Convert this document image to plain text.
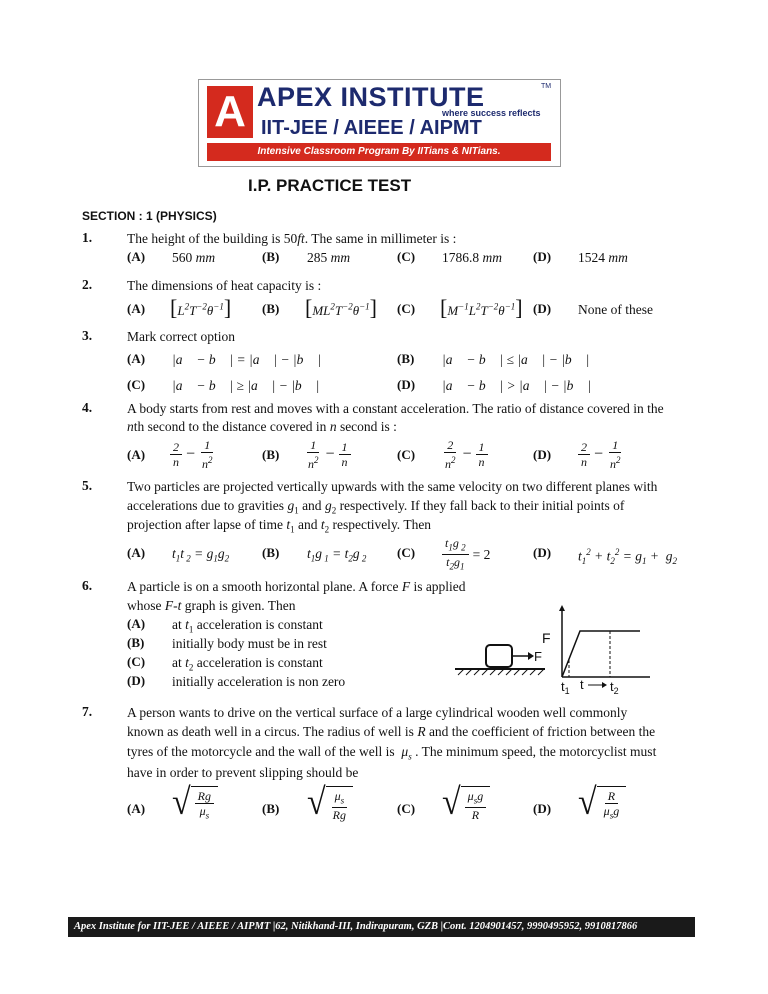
A APEX INSTITUTE	TM
where success reflects
IIT-JEE / AIEEE / AIPMT
Intensive Classroom Program By IITians & NITians.
I.P. PRACTICE TEST
SECTION : 1 (PHYSICS)
1.	The height of the building is 50ft. The same in millimeter is :
(A) 560 mm	(B) 285 mm	(C) 1786.8 mm (D) 1524 mm
2.	The dimensions of heat capacity is :
(A) $[L^2T^{-2}\theta^{-1}]$ (B) $[ML^2T^{-2}\theta^{-1}]$ (C) $[M^{-1}L^2T^{-2}\theta^{-1}]$ (D) None of these
3.	Mark correct option
(A) |a⃗ − b⃗ | = |a⃗ | − |b⃗ |	(B) |a⃗ − b⃗ | ≤ |a⃗ | − |b⃗ |
(C) |a⃗ − b⃗ | ≥ |a⃗ | − |b⃗ |	(D) |a⃗ − b⃗ | > |a⃗ | − |b⃗ |
4.	A body starts from rest and moves with a constant acceleration. The ratio of distance covered in the
nth second to the distance covered in n second is :
$(A) \frac{2}{n} - \frac{1}{n^2}$	$(B) \frac{1}{n^2} - \frac{1}{n}$	$(C) \frac{2}{n^2} - \frac{1}{n}$	$(D) \frac{2}{n} - \frac{1}{n^2}$
5.	Two particles are projected vertically upwards with the same velocity on two different planes with
accelerations due to gravities $g_1$ and $g_2$ respectively. If they fall back to their initial points of
projection after lapse of time $t_1$ and $t_2$ respectively. Then
(A) $t_1t$ $_2 = g_1g_2$	(B) $t_1g$ $_1 = t_2g$ $_2$ $(C) \frac{t_1g _2}{t_2g_1} = 2$	(D) $t_1^2 + t_2^2 = g_1 + g_2$
6.	A particle is on a smooth horizontal plane. A force F is applied
whose F-t graph is given. Then
(A) at $t_1$ acceleration is constant
(B) initially body must be in rest
(C) at $t_2$ acceleration is constant
(D) initially acceleration is non zero
F
F
$t_1$ t $t_2$
7.	A person wants to drive on the vertical surface of a large cylindrical wooden well commonly
known as death well in a circus. The radius of well is R and the coefficient of friction between the
tyres of the motorcycle and the wall of the well is $\mu_s$ . The minimum speed, the motorcyclist must
have in order to prevent slipping should be
(A) √ $\frac{Rg}{\mu_s}$	(B) √ $\frac{\mu_s}{Rg}$	(C) √ $\frac{\mu_sg}{R}$	(D) √ $\frac{R}{\mu_sg}$
Apex Institute for IIT-JEE / AIEEE / AIPMT |62, Nitikhand-III, Indirapuram, GZB |Cont. 1204901457, 9990495952, 9910817866
